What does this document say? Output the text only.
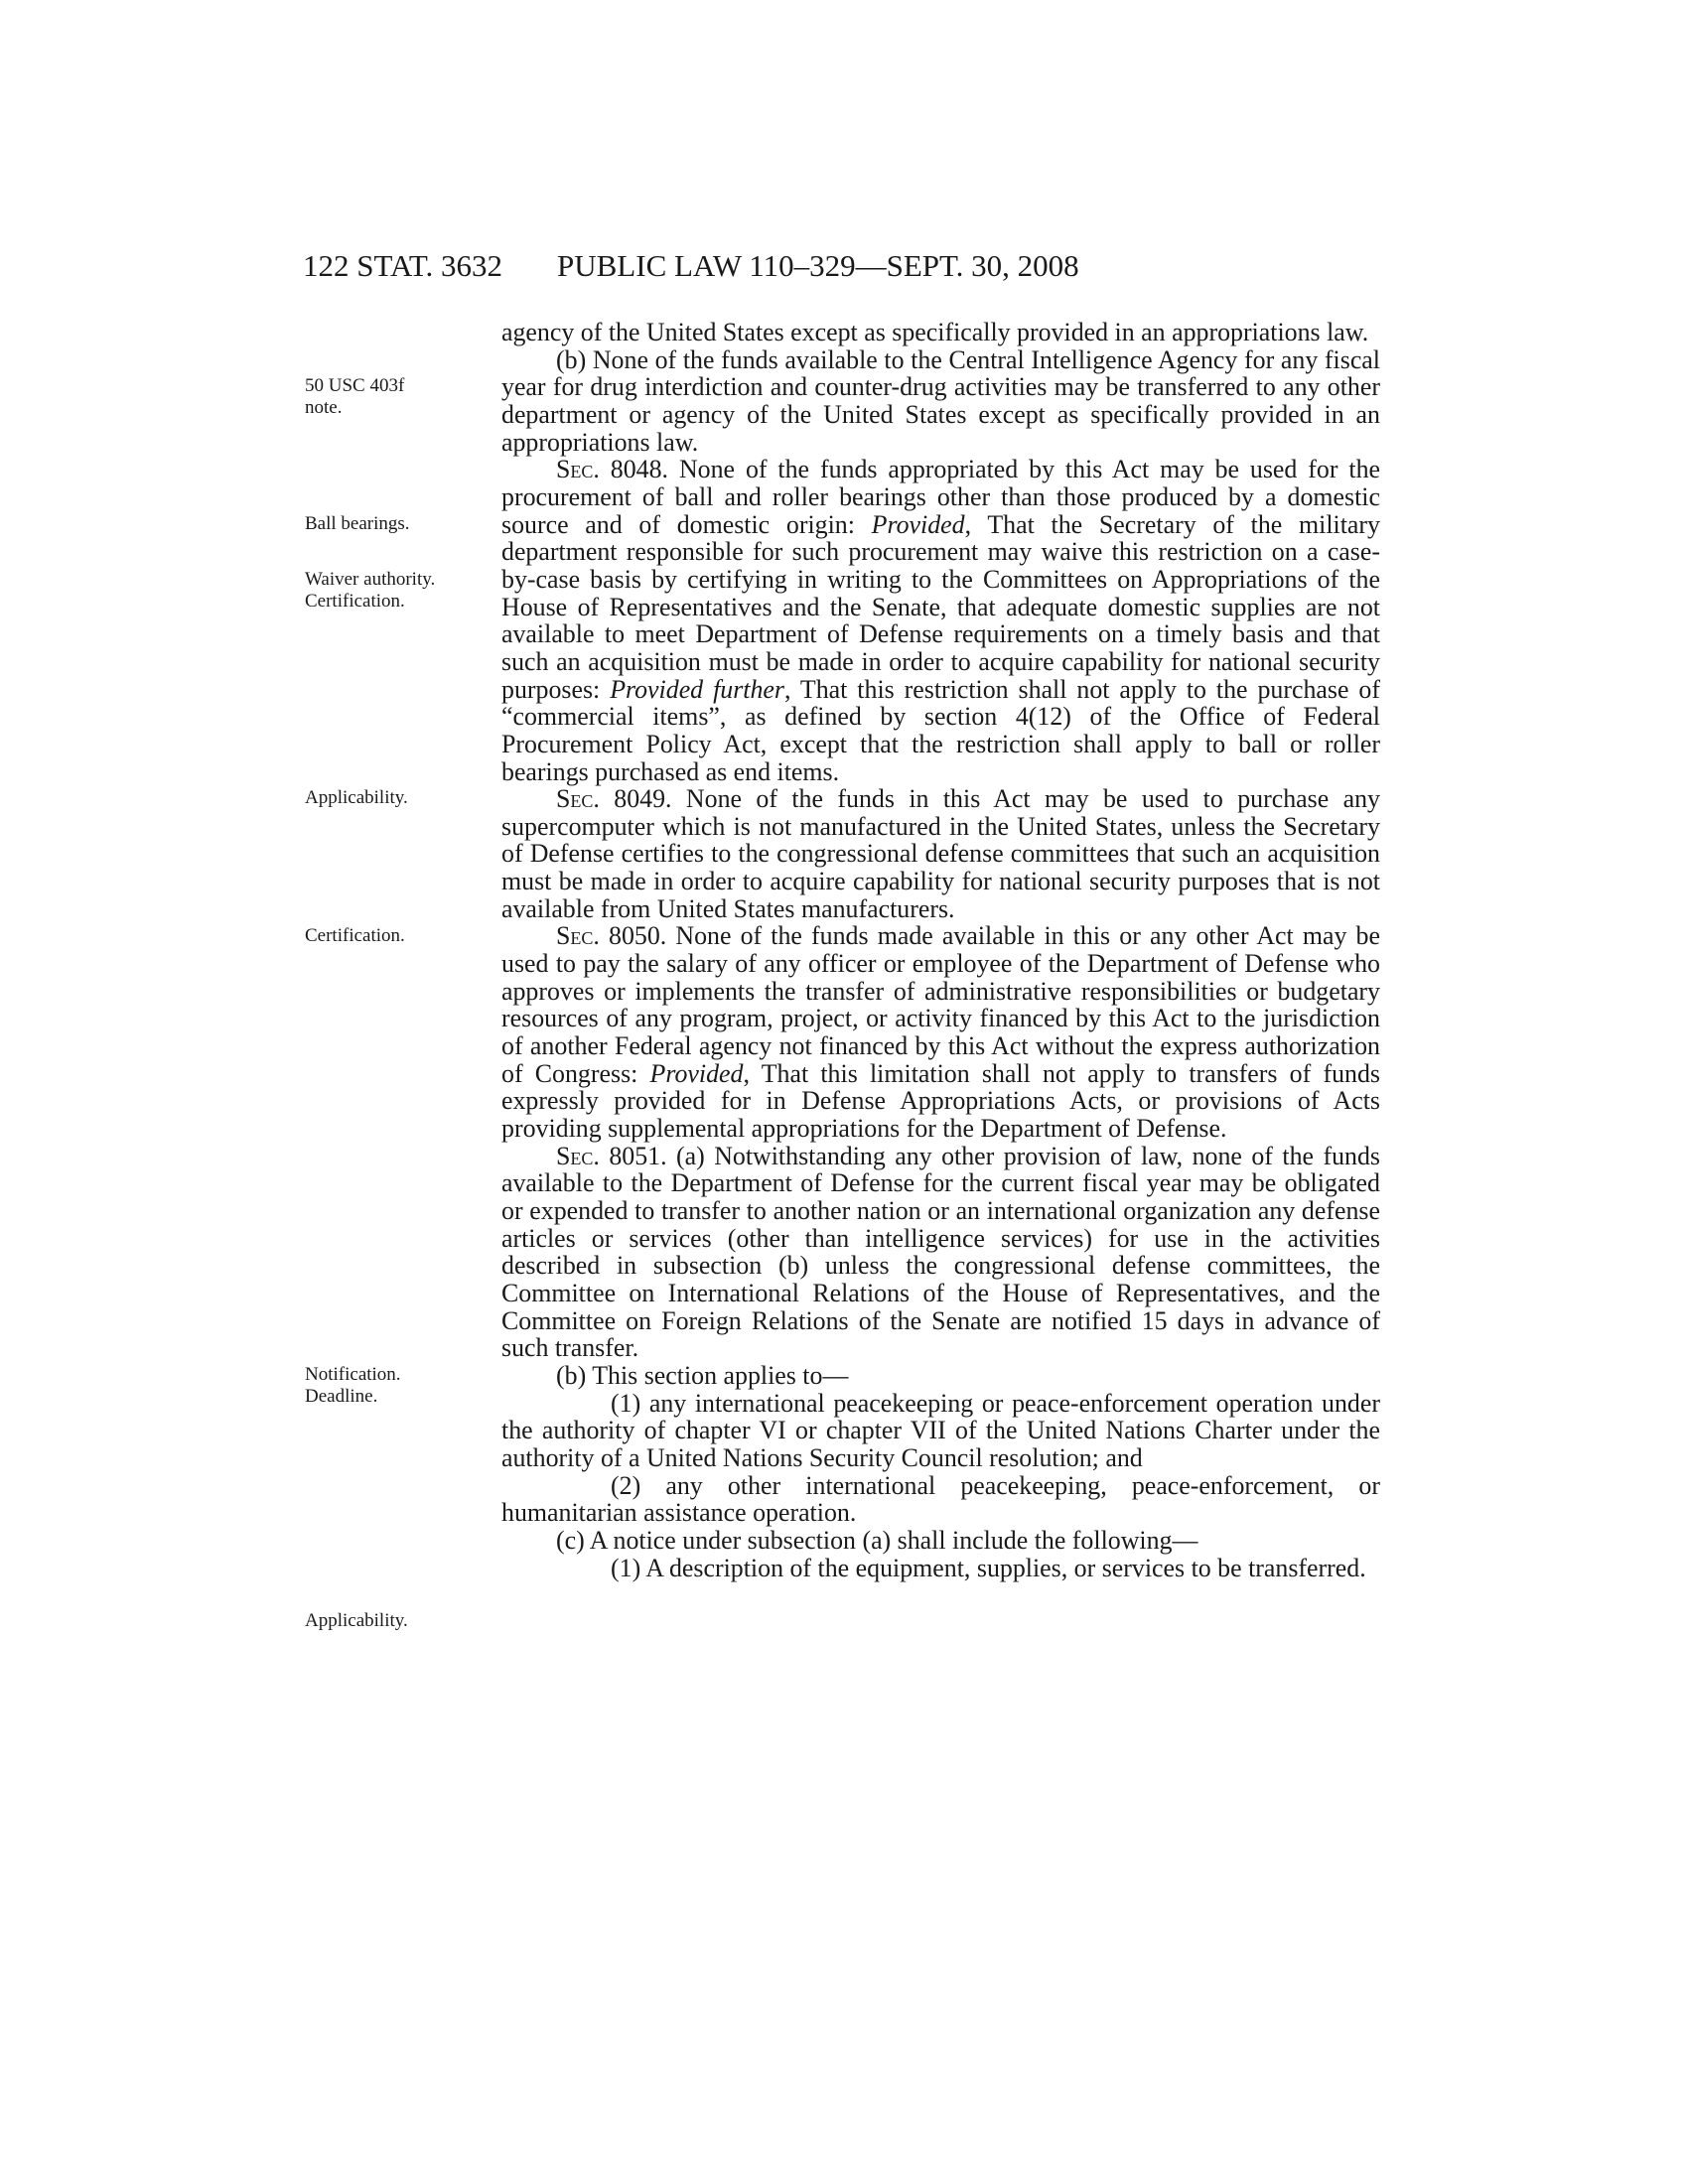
122 STAT. 3632 PUBLIC LAW 110–329—SEPT. 30, 2008
50 USC 403f
note.
Ball bearings.
Waiver authority.
Certification.
Applicability.
Certification.
Notification.
Deadline.
Applicability.

agency of the United States except as specifically provided in an appropriations law.

(b) None of the funds available to the Central Intelligence Agency for any fiscal year for drug interdiction and counter-drug activities may be transferred to any other department or agency of the United States except as specifically provided in an appropriations law.

Sec. 8048. None of the funds appropriated by this Act may be used for the procurement of ball and roller bearings other than those produced by a domestic source and of domestic origin: Provided, That the Secretary of the military department responsible for such procurement may waive this restriction on a case-by-case basis by certifying in writing to the Committees on Appropriations of the House of Representatives and the Senate, that adequate domestic supplies are not available to meet Department of Defense requirements on a timely basis and that such an acquisition must be made in order to acquire capability for national security purposes: Provided further, That this restriction shall not apply to the purchase of “commercial items”, as defined by section 4(12) of the Office of Federal Procurement Policy Act, except that the restriction shall apply to ball or roller bearings purchased as end items.

Sec. 8049. None of the funds in this Act may be used to purchase any supercomputer which is not manufactured in the United States, unless the Secretary of Defense certifies to the congressional defense committees that such an acquisition must be made in order to acquire capability for national security purposes that is not available from United States manufacturers.

Sec. 8050. None of the funds made available in this or any other Act may be used to pay the salary of any officer or employee of the Department of Defense who approves or implements the transfer of administrative responsibilities or budgetary resources of any program, project, or activity financed by this Act to the jurisdiction of another Federal agency not financed by this Act without the express authorization of Congress: Provided, That this limitation shall not apply to transfers of funds expressly provided for in Defense Appropriations Acts, or provisions of Acts providing supplemental appropriations for the Department of Defense.

Sec. 8051. (a) Notwithstanding any other provision of law, none of the funds available to the Department of Defense for the current fiscal year may be obligated or expended to transfer to another nation or an international organization any defense articles or services (other than intelligence services) for use in the activities described in subsection (b) unless the congressional defense committees, the Committee on International Relations of the House of Representatives, and the Committee on Foreign Relations of the Senate are notified 15 days in advance of such transfer.

(b) This section applies to—

(1) any international peacekeeping or peace-enforcement operation under the authority of chapter VI or chapter VII of the United Nations Charter under the authority of a United Nations Security Council resolution; and

(2) any other international peacekeeping, peace-enforcement, or humanitarian assistance operation.

(c) A notice under subsection (a) shall include the following—

(1) A description of the equipment, supplies, or services to be transferred.
